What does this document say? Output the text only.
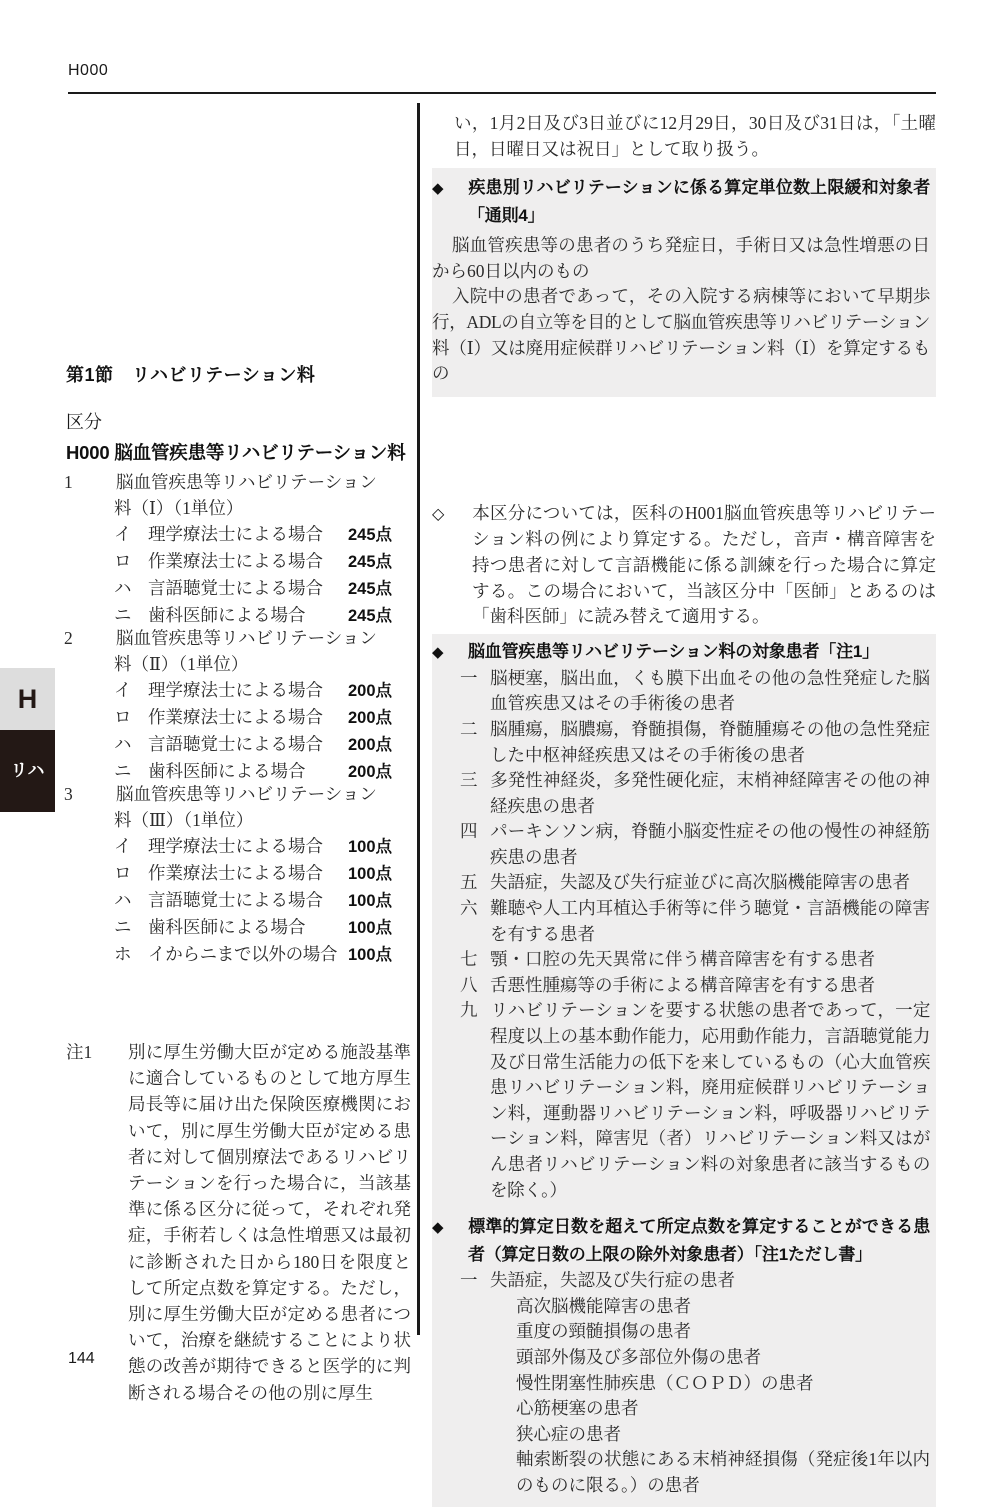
H000
H
リ ハ
第1節　リハビリテーション料
区分
H000 脳血管疾患等リハビリテーション料
1 脳血管疾患等リハビリテーション
料（Ⅰ）（1単位）
イ 理学療法士による場合	245点
ロ 作業療法士による場合	245点
ハ 言語聴覚士による場合	245点
ニ 歯科医師による場合	245点
2 脳血管疾患等リハビリテーション
料（Ⅱ）（1単位）
イ 理学療法士による場合	200点
ロ 作業療法士による場合	200点
ハ 言語聴覚士による場合	200点
ニ 歯科医師による場合	200点
3 脳血管疾患等リハビリテーション
料（Ⅲ）（1単位）
イ 理学療法士による場合	100点
ロ 作業療法士による場合	100点
ハ 言語聴覚士による場合	100点
ニ 歯科医師による場合	100点
ホ イからニまで以外の場合 100点
注1	別に厚生労働大臣が定める施設基準に適合しているものとして地方厚生局長等に届け出た保険医療機関において，別に厚生労働大臣が定める患者に対して個別療法であるリハビリテーションを行った場合に，当該基準に係る区分に従って，それぞれ発症，手術若しくは急性増悪又は最初に診断された日から180日を限度として所定点数を算定する。ただし，別に厚生労働大臣が定める患者について，治療を継続することにより状態の改善が期待できると医学的に判断される場合その他の別に厚生
い，1月2日及び3日並びに12月29日，30日及び31日は，「土曜日，日曜日又は祝日」として取り扱う。
◆ 疾患別リハビリテーションに係る算定単位数上限緩和対象者「通則4」
脳血管疾患等の患者のうち発症日，手術日又は急性増悪の日から60日以内のもの
入院中の患者であって，その入院する病棟等において早期歩行，ADLの自立等を目的として脳血管疾患等リハビリテーション料（Ⅰ）又は廃用症候群リハビリテーション料（Ⅰ）を算定するもの
◇ 本区分については，医科のH001脳血管疾患等リハビリテーション料の例により算定する。ただし，音声・構音障害を持つ患者に対して言語機能に係る訓練を行った場合に算定する。この場合において，当該区分中「医師」とあるのは「歯科医師」に読み替えて適用する。
◆ 脳血管疾患等リハビリテーション料の対象患者「注1」
一 脳梗塞，脳出血，くも膜下出血その他の急性発症した脳血管疾患又はその手術後の患者
二 脳腫瘍，脳膿瘍，脊髄損傷，脊髄腫瘍その他の急性発症した中枢神経疾患又はその手術後の患者
三 多発性神経炎，多発性硬化症，末梢神経障害その他の神経疾患の患者
四 パーキンソン病，脊髄小脳変性症その他の慢性の神経筋疾患の患者
五 失語症，失認及び失行症並びに高次脳機能障害の患者
六 難聴や人工内耳植込手術等に伴う聴覚・言語機能の障害を有する患者
七 顎・口腔の先天異常に伴う構音障害を有する患者
八 舌悪性腫瘍等の手術による構音障害を有する患者
九 リハビリテーションを要する状態の患者であって，一定程度以上の基本動作能力，応用動作能力，言語聴覚能力及び日常生活能力の低下を来しているもの（心大血管疾患リハビリテーション料，廃用症候群リハビリテーション料，運動器リハビリテーション料，呼吸器リハビリテーション料，障害児（者）リハビリテーション料又はがん患者リハビリテーション料の対象患者に該当するものを除く。）
◆ 標準的算定日数を超えて所定点数を算定することができる患者（算定日数の上限の除外対象患者）「注1ただし書」
一 失語症，失認及び失行症の患者
高次脳機能障害の患者
重度の頸髄損傷の患者
頭部外傷及び多部位外傷の患者
慢性閉塞性肺疾患（ＣＯＰＤ）の患者
心筋梗塞の患者
狭心症の患者
軸索断裂の状態にある末梢神経損傷（発症後1年以内のものに限る。）の患者
144
